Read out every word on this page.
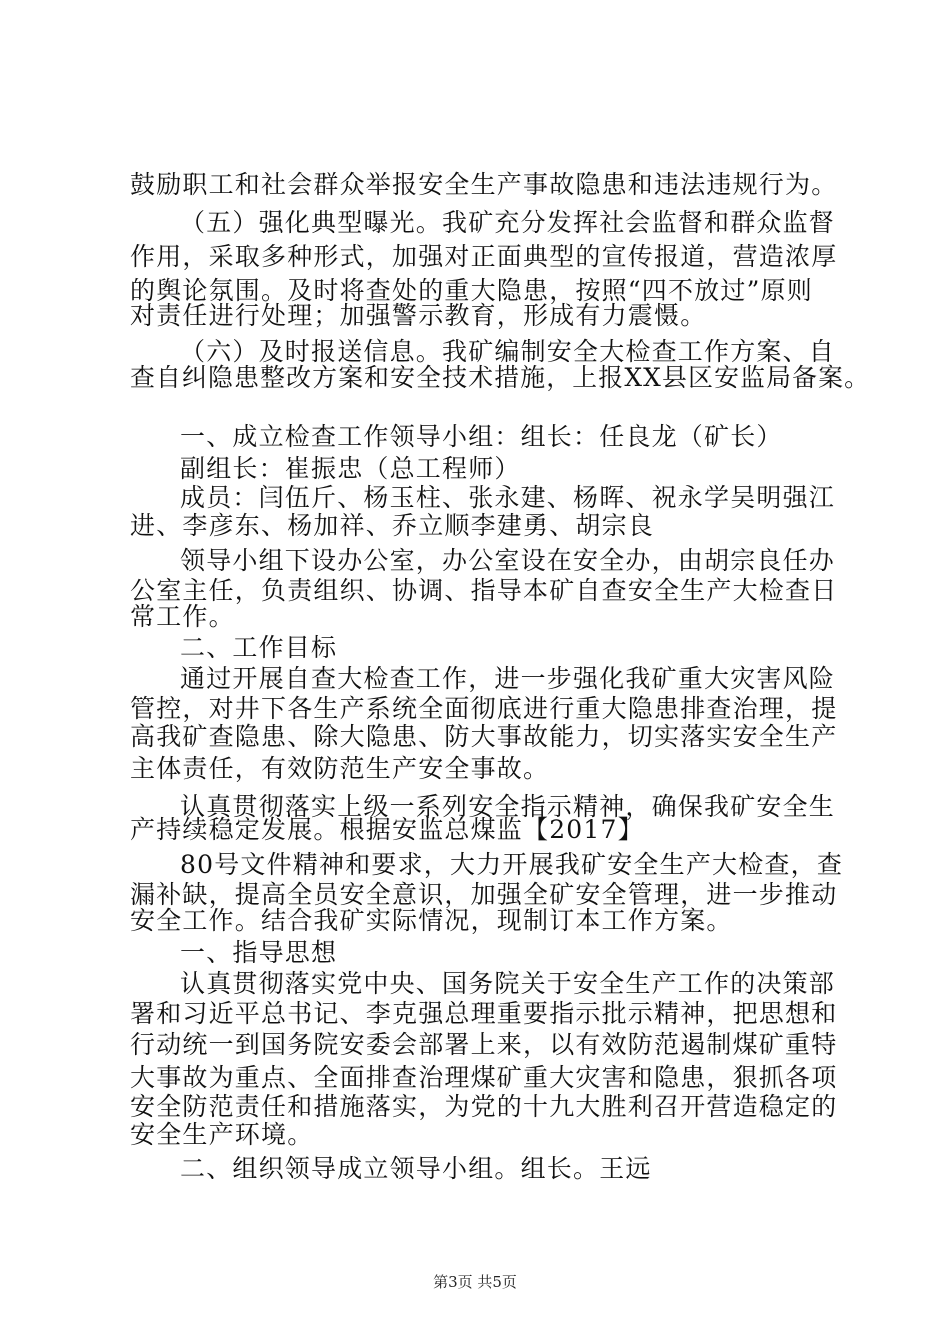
鼓励职工和社会群众举报安全生产事故隐患和违法违规行为。
（五）强化典型曝光。我矿充分发挥社会监督和群众监督
作用，采取多种形式，加强对正面典型的宣传报道，营造浓厚
的舆论氛围。及时将查处的重大隐患，按照“四不放过”原则
对责任进行处理；加强警示教育，形成有力震慑。
（六）及时报送信息。我矿编制安全大检查工作方案、自
查自纠隐患整改方案和安全技术措施，上报XX县区安监局备案。
一、成立检查工作领导小组：组长：任良龙（矿长）
副组长：崔振忠（总工程师）
成员：闫伍斤、杨玉柱、张永建、杨晖、祝永学吴明强江
进、李彦东、杨加祥、乔立顺李建勇、胡宗良
领导小组下设办公室，办公室设在安全办，由胡宗良任办
公室主任，负责组织、协调、指导本矿自查安全生产大检查日
常工作。
二、工作目标
通过开展自查大检查工作，进一步强化我矿重大灾害风险
管控，对井下各生产系统全面彻底进行重大隐患排查治理，提
高我矿查隐患、除大隐患、防大事故能力，切实落实安全生产
主体责任，有效防范生产安全事故。
认真贯彻落实上级一系列安全指示精神，确保我矿安全生
产持续稳定发展。根据安监总煤监【2017】
80号文件精神和要求，大力开展我矿安全生产大检查，查
漏补缺，提高全员安全意识，加强全矿安全管理，进一步推动
安全工作。结合我矿实际情况，现制订本工作方案。
一、指导思想
认真贯彻落实党中央、国务院关于安全生产工作的决策部
署和习近平总书记、李克强总理重要指示批示精神，把思想和
行动统一到国务院安委会部署上来，以有效防范遏制煤矿重特
大事故为重点、全面排查治理煤矿重大灾害和隐患，狠抓各项
安全防范责任和措施落实，为党的十九大胜利召开营造稳定的
安全生产环境。
二、组织领导成立领导小组。组长。王远
第3页 共5页
